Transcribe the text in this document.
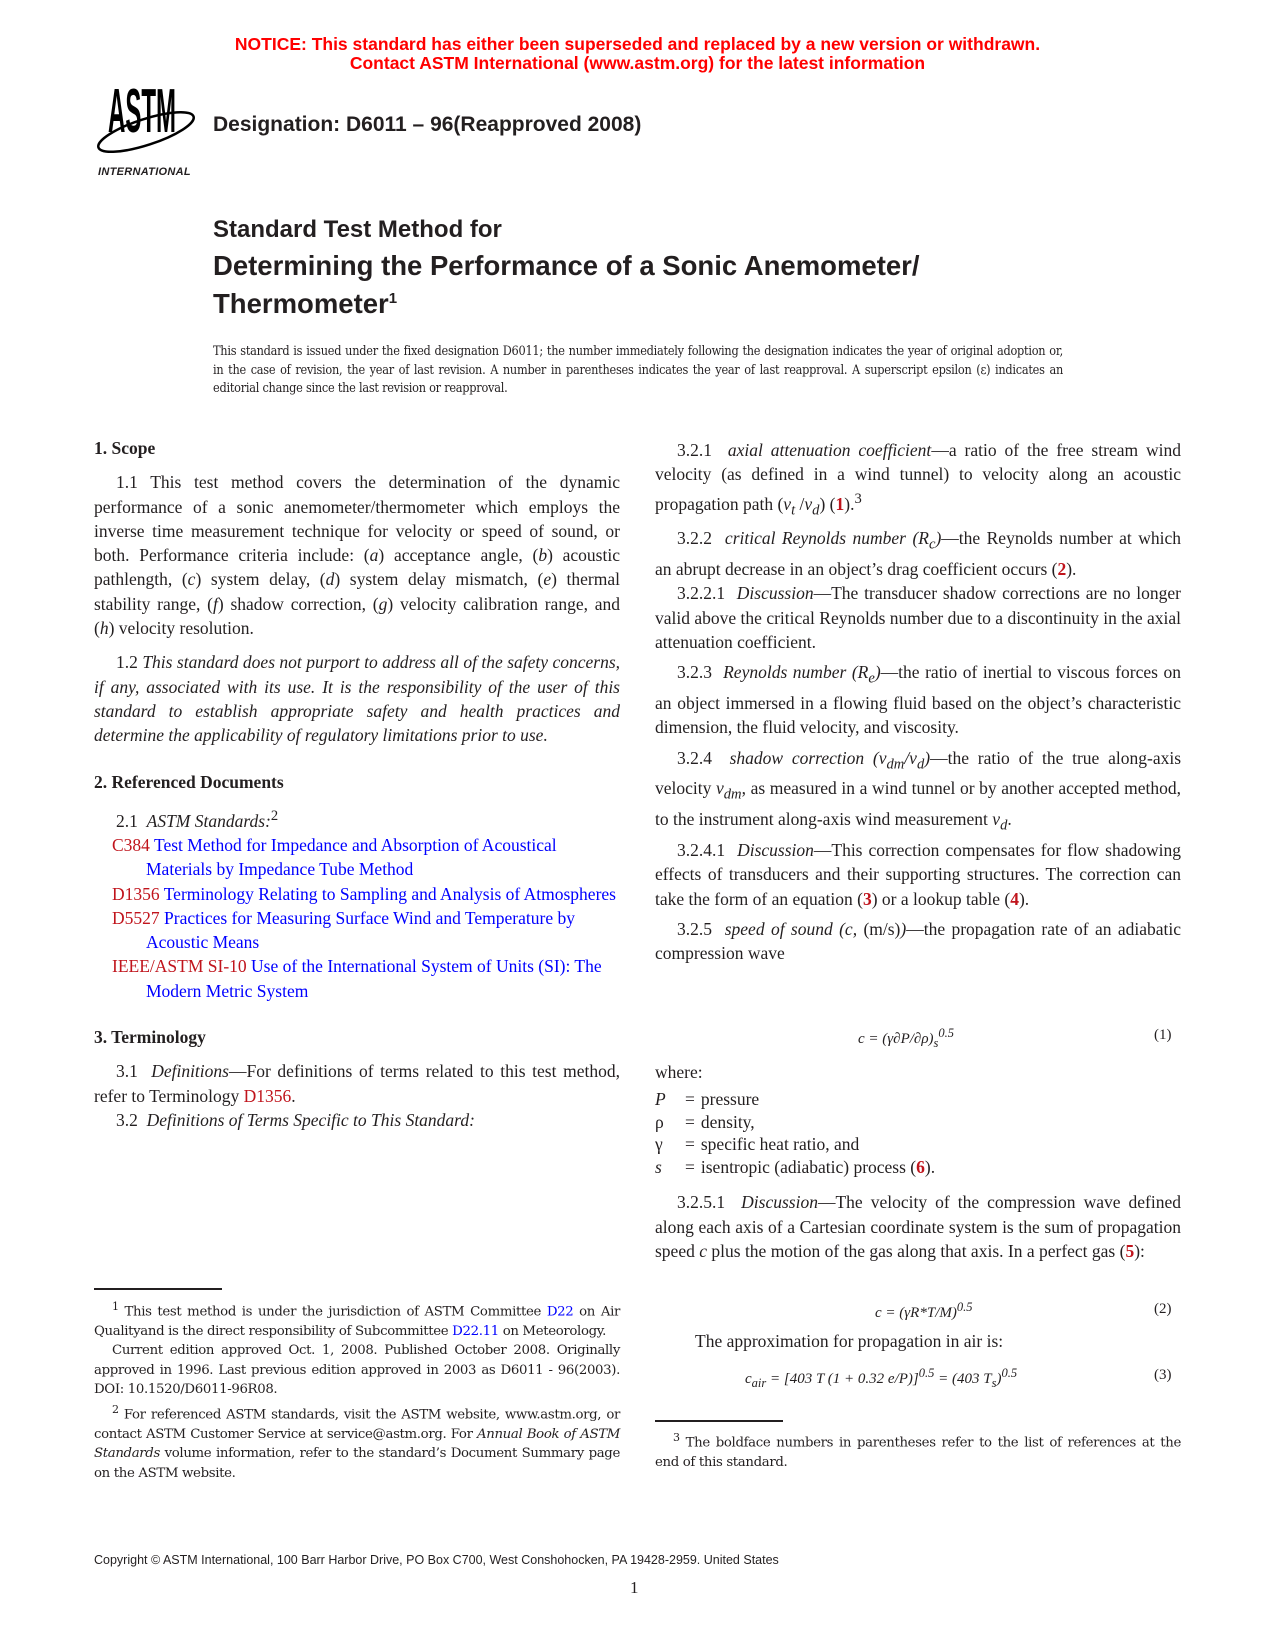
NOTICE: This standard has either been superseded and replaced by a new version or withdrawn.
Contact ASTM International (www.astm.org) for the latest information
ASTM
INTERNATIONAL
Designation: D6011 – 96(Reapproved 2008)
Standard Test Method for
Determining the Performance of a Sonic Anemometer/
Thermometer$^1$
This standard is issued under the fixed designation D6011; the number immediately following the designation indicates the year of original adoption or, in the case of revision, the year of last revision. A number in parentheses indicates the year of last reapproval. A superscript epsilon (ε) indicates an editorial change since the last revision or reapproval.
1. Scope

1.1 This test method covers the determination of the dynamic performance of a sonic anemometer/thermometer which employs the inverse time measurement technique for velocity or speed of sound, or both. Performance criteria include: (a) acceptance angle, (b) acoustic pathlength, (c) system delay, (d) system delay mismatch, (e) thermal stability range, (f) shadow correction, (g) velocity calibration range, and (h) velocity resolution.

1.2 This standard does not purport to address all of the safety concerns, if any, associated with its use. It is the responsibility of the user of this standard to establish appropriate safety and health practices and determine the applicability of regulatory limitations prior to use.

2. Referenced Documents

2.1 ASTM Standards:$^2$

C384 Test Method for Impedance and Absorption of Acoustical Materials by Impedance Tube Method

D1356 Terminology Relating to Sampling and Analysis of Atmospheres

D5527 Practices for Measuring Surface Wind and Temperature by Acoustic Means

IEEE/ASTM SI-10 Use of the International System of Units (SI): The Modern Metric System

3. Terminology

3.1 Definitions—For definitions of terms related to this test method, refer to Terminology D1356.

3.2 Definitions of Terms Specific to This Standard:

$^1$ This test method is under the jurisdiction of ASTM Committee D22 on Air Qualityand is the direct responsibility of Subcommittee D22.11 on Meteorology.

Current edition approved Oct. 1, 2008. Published October 2008. Originally approved in 1996. Last previous edition approved in 2003 as D6011 - 96(2003). DOI: 10.1520/D6011-96R08.

$^2$ For referenced ASTM standards, visit the ASTM website, www.astm.org, or contact ASTM Customer Service at service@astm.org. For Annual Book of ASTM Standards volume information, refer to the standard’s Document Summary page on the ASTM website.

3.2.1 axial attenuation coefficient—a ratio of the free stream wind velocity (as defined in a wind tunnel) to velocity along an acoustic propagation path ($v_t$ $/v_d$) (1).$^3$

3.2.2 critical Reynolds number $(R_c)—the$ Reynolds number at which an abrupt decrease in an object’s drag coefficient occurs (2).

3.2.2.1 Discussion—The transducer shadow corrections are no longer valid above the critical Reynolds number due to a discontinuity in the axial attenuation coefficient.

3.2.3 Reynolds number $(R_e)—the$ ratio of inertial to viscous forces on an object immersed in a flowing fluid based on the object’s characteristic dimension, the fluid velocity, and viscosity.

3.2.4 shadow correction $(v_{dm}/v_d)—the$ ratio of the true along-axis velocity $v_{dm}$, as measured in a wind tunnel or by another accepted method, to the instrument along-axis wind measurement $v_d$.

3.2.4.1 Discussion—This correction compensates for flow shadowing effects of transducers and their supporting structures. The correction can take the form of an equation (3) or a lookup table (4).

3.2.5 speed of sound (c, (m/s))—the propagation rate of an adiabatic compression wave

$c = (\gamma\partial P/\partial\rho)_s^{0.5}$	(1)
where:
P	=	pressure
ρ	=	density,
γ	=	specific heat ratio, and
s	=	isentropic (adiabatic) process (6).

3.2.5.1 Discussion—The velocity of the compression wave defined along each axis of a Cartesian coordinate system is the sum of propagation speed c plus the motion of the gas along that axis. In a perfect gas (5):

$c = (\gamma R*T/M)^{0.5}$	(2)
The approximation for propagation in air is:
$c_{air} = [403$ T (1 + 0.32 e/P)]$^{0.5}$ = (403 $T_s)^{0.5}$	(3)

$^3$ The boldface numbers in parentheses refer to the list of references at the end of this standard.

Copyright © ASTM International, 100 Barr Harbor Drive, PO Box C700, West Conshohocken, PA 19428-2959. United States
1
